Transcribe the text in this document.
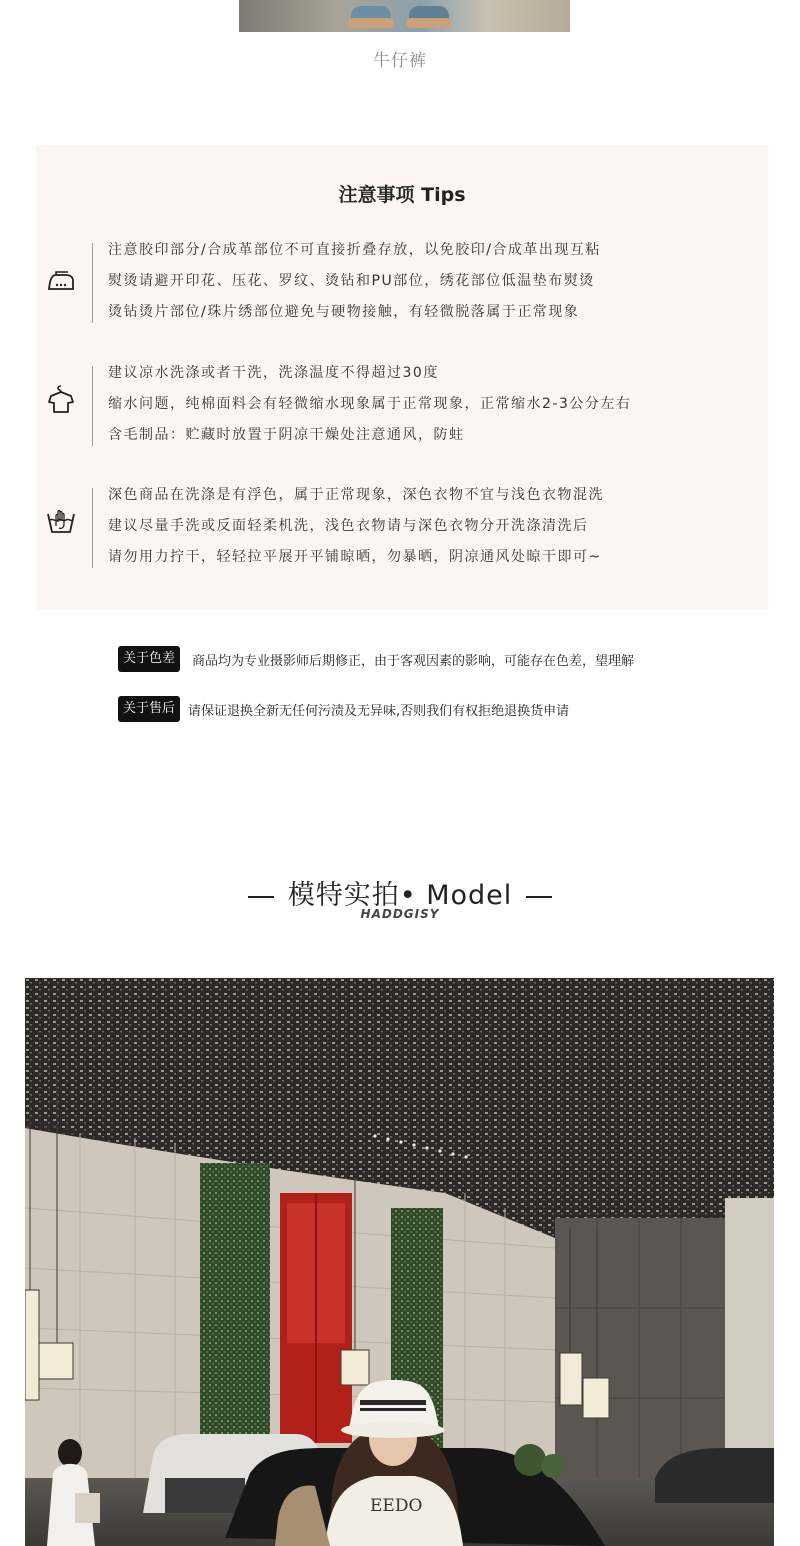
牛仔裤
注意事项 Tips
注意胶印部分/合成革部位不可直接折叠存放，以免胶印/合成革出现互粘
熨烫请避开印花、压花、罗纹、烫钻和PU部位，绣花部位低温垫布熨烫
烫钻烫片部位/珠片绣部位避免与硬物接触，有轻微脱落属于正常现象
建议凉水洗涤或者干洗，洗涤温度不得超过30度
缩水问题，纯棉面料会有轻微缩水现象属于正常现象，正常缩水2-3公分左右
含毛制品：贮藏时放置于阴凉干燥处注意通风，防蛀
深色商品在洗涤是有浮色，属于正常现象，深色衣物不宜与浅色衣物混洗
建议尽量手洗或反面轻柔机洗，浅色衣物请与深色衣物分开洗涤清洗后
请勿用力拧干，轻轻拉平展开平铺晾晒，勿暴晒，阴凉通风处晾干即可~
关于色差	商品均为专业摄影师后期修正，由于客观因素的影响，可能存在色差，望理解
关于售后	请保证退换全新无任何污渍及无异味,否则我们有权拒绝退换货申请
模特实拍• Model
HADDGISY
EEDO
